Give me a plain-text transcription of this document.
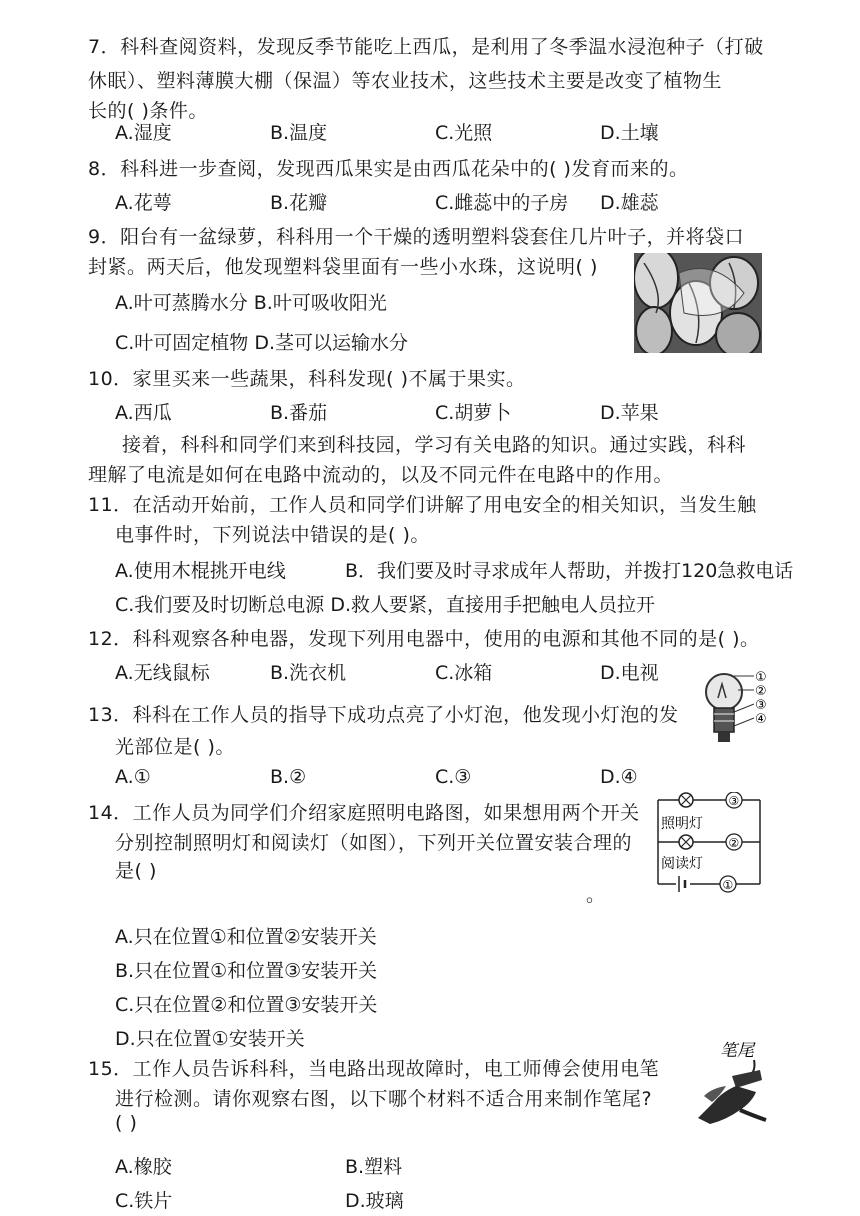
7．科科查阅资料，发现反季节能吃上西瓜，是利用了冬季温水浸泡种子（打破
休眠）、塑料薄膜大棚（保温）等农业技术，这些技术主要是改变了植物生
长的( )条件。
A.湿度	B.温度	C.光照	D.土壤
8．科科进一步查阅，发现西瓜果实是由西瓜花朵中的( )发育而来的。
A.花萼	B.花瓣	C.雌蕊中的子房 D.雄蕊
9．阳台有一盆绿萝，科科用一个干燥的透明塑料袋套住几片叶子，并将袋口
封紧。两天后，他发现塑料袋里面有一些小水珠，这说明( )
A.叶可蒸腾水分 B.叶可吸收阳光
C.叶可固定植物 D.茎可以运输水分
10．家里买来一些蔬果，科科发现( )不属于果实。
A.西瓜	B.番茄	C.胡萝卜	D.苹果
接着，科科和同学们来到科技园，学习有关电路的知识。通过实践，科科
理解了电流是如何在电路中流动的，以及不同元件在电路中的作用。
11．在活动开始前，工作人员和同学们讲解了用电安全的相关知识，当发生触
电事件时，下列说法中错误的是( )。
A.使用木棍挑开电线	B．我们要及时寻求成年人帮助，并拨打120急救电话
C.我们要及时切断总电源 D.救人要紧，直接用手把触电人员拉开
12．科科观察各种电器，发现下列用电器中，使用的电源和其他不同的是( )。
A.无线鼠标	B.洗衣机	C.冰箱	D.电视
13．科科在工作人员的指导下成功点亮了小灯泡，他发现小灯泡的发
光部位是( )。
A.①	B.②	C.③	D.④
①
②
③
④
14．工作人员为同学们介绍家庭照明电路图，如果想用两个开关
分别控制照明灯和阅读灯（如图），下列开关位置安装合理的
是( )
。
③
②
①
照明灯
阅读灯
A.只在位置①和位置②安装开关
B.只在位置①和位置③安装开关
C.只在位置②和位置③安装开关
D.只在位置①安装开关
15．工作人员告诉科科，当电路出现故障时，电工师傅会使用电笔
进行检测。请你观察右图，以下哪个材料不适合用来制作笔尾?
( )
笔尾
A.橡胶	B.塑料
C.铁片	D.玻璃
